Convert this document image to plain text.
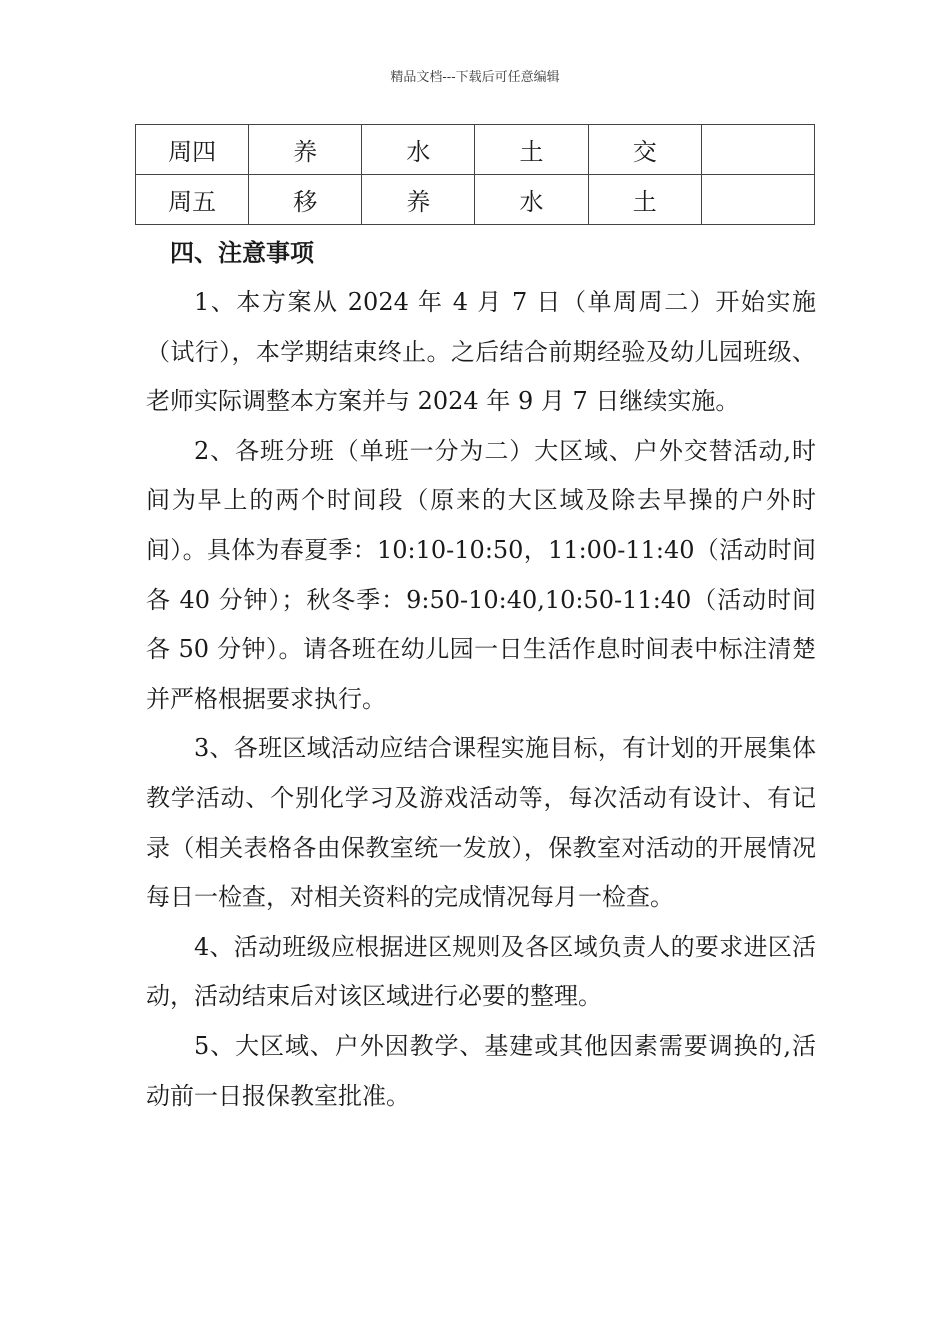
精品文档---下载后可任意编辑
周四	养	水	土	交	
周五	移	养	水	土	
四、注意事项

1、本方案从 2024 年 4 月 7 日（单周周二）开始实施（试行），本学期结束终止。之后结合前期经验及幼儿园班级、老师实际调整本方案并与 2024 年 9 月 7 日继续实施。

2、各班分班（单班一分为二）大区域、户外交替活动,时间为早上的两个时间段（原来的大区域及除去早操的户外时间）。具体为春夏季：10:10-10:50，11:00-11:40（活动时间各 40 分钟）；秋冬季：9:50-10:40,10:50-11:40（活动时间各 50 分钟）。请各班在幼儿园一日生活作息时间表中标注清楚并严格根据要求执行。

3、各班区域活动应结合课程实施目标，有计划的开展集体教学活动、个别化学习及游戏活动等，每次活动有设计、有记录（相关表格各由保教室统一发放），保教室对活动的开展情况每日一检查，对相关资料的完成情况每月一检查。

4、活动班级应根据进区规则及各区域负责人的要求进区活动，活动结束后对该区域进行必要的整理。

5、大区域、户外因教学、基建或其他因素需要调换的,活动前一日报保教室批准。
